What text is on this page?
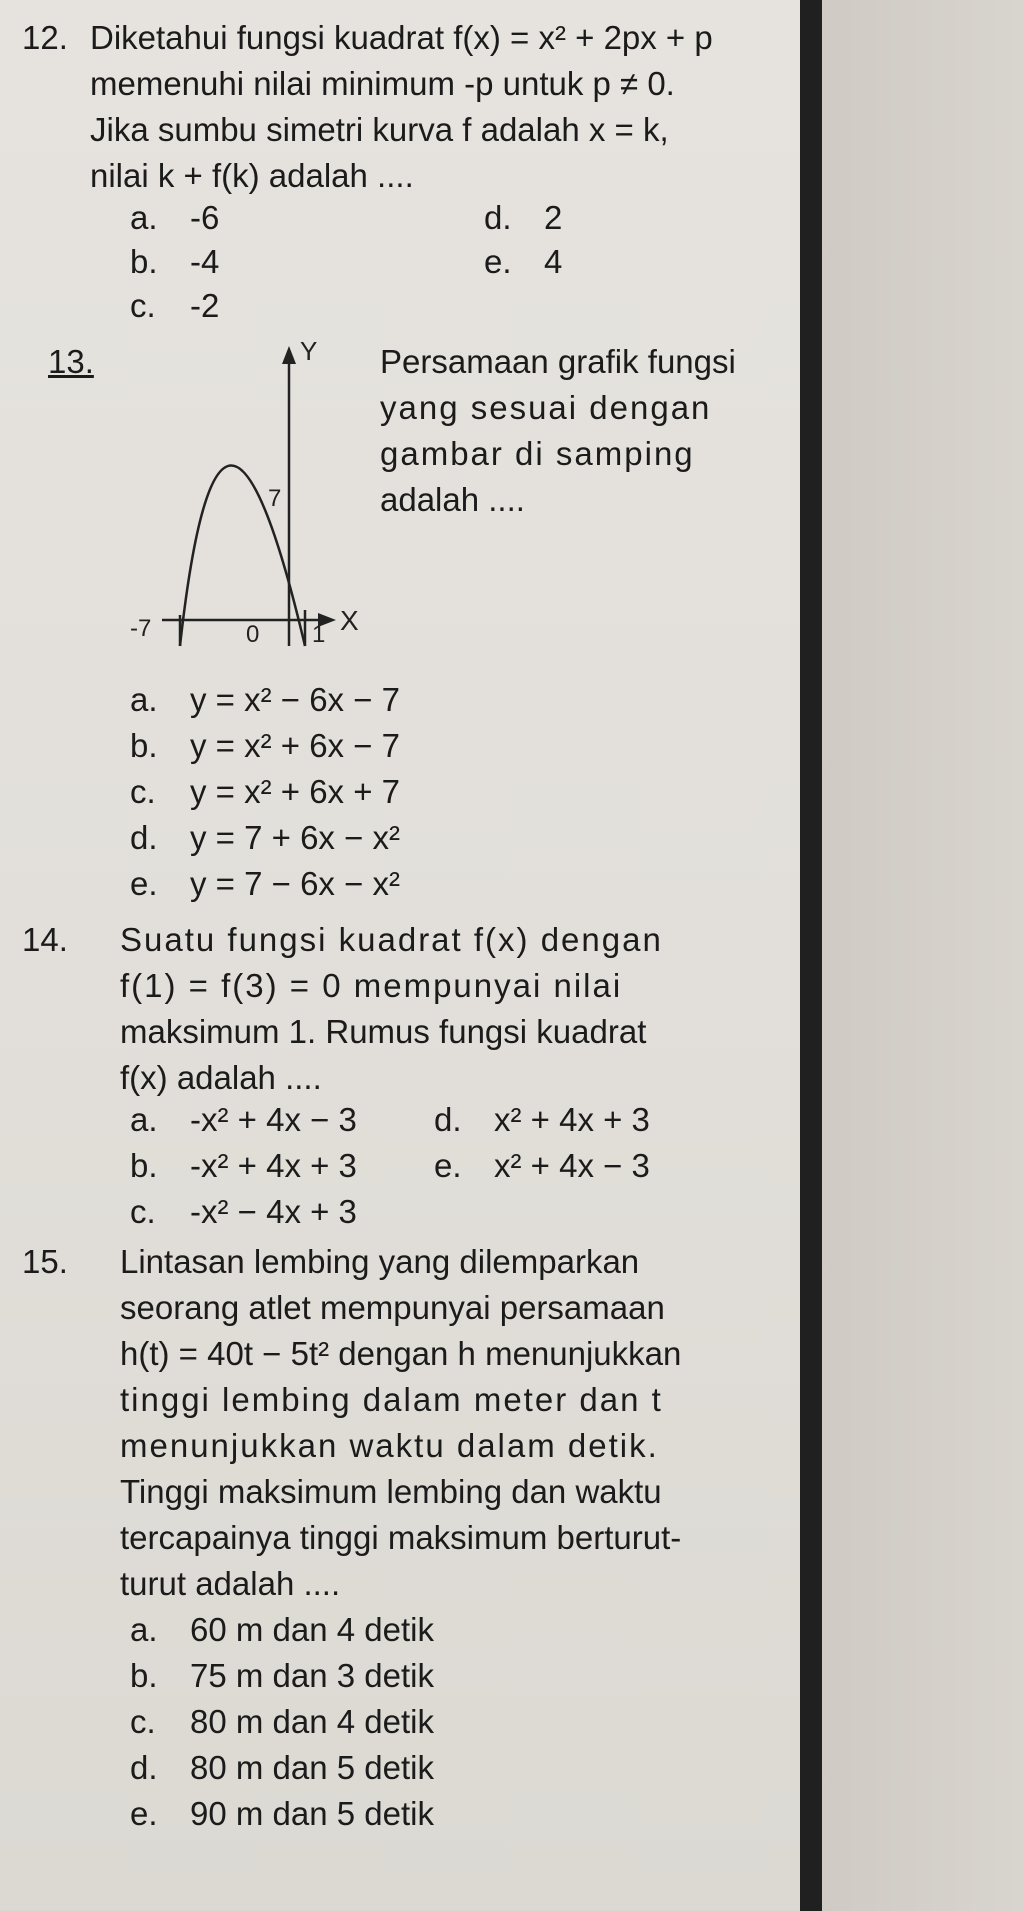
12. Diketahui fungsi kuadrat f(x) = x² + 2px + p
memenuhi nilai minimum -p untuk p ≠ 0.
Jika sumbu simetri kurva f adalah x = k,
nilai k + f(k) adalah ....
a. -6
b. -4
c. -2
d. 2
e. 4
13.	Y
X
7
-7	0 1
Persamaan grafik fungsi
yang sesuai dengan
gambar di samping
adalah ....
a. y = x² − 6x − 7
b. y = x² + 6x − 7
c. y = x² + 6x + 7
d. y = 7 + 6x − x²
e. y = 7 − 6x − x²
14. Suatu fungsi kuadrat f(x) dengan
f(1) = f(3) = 0 mempunyai nilai
maksimum 1. Rumus fungsi kuadrat
f(x) adalah ....
a. -x² + 4x − 3
b. -x² + 4x + 3
c. -x² − 4x + 3
d. x² + 4x + 3
e. x² + 4x − 3
15. Lintasan lembing yang dilemparkan
seorang atlet mempunyai persamaan
h(t) = 40t − 5t² dengan h menunjukkan
tinggi lembing dalam meter dan t
menunjukkan waktu dalam detik.
Tinggi maksimum lembing dan waktu
tercapainya tinggi maksimum berturut-
turut adalah ....
a. 60 m dan 4 detik
b. 75 m dan 3 detik
c. 80 m dan 4 detik
d. 80 m dan 5 detik
e. 90 m dan 5 detik
